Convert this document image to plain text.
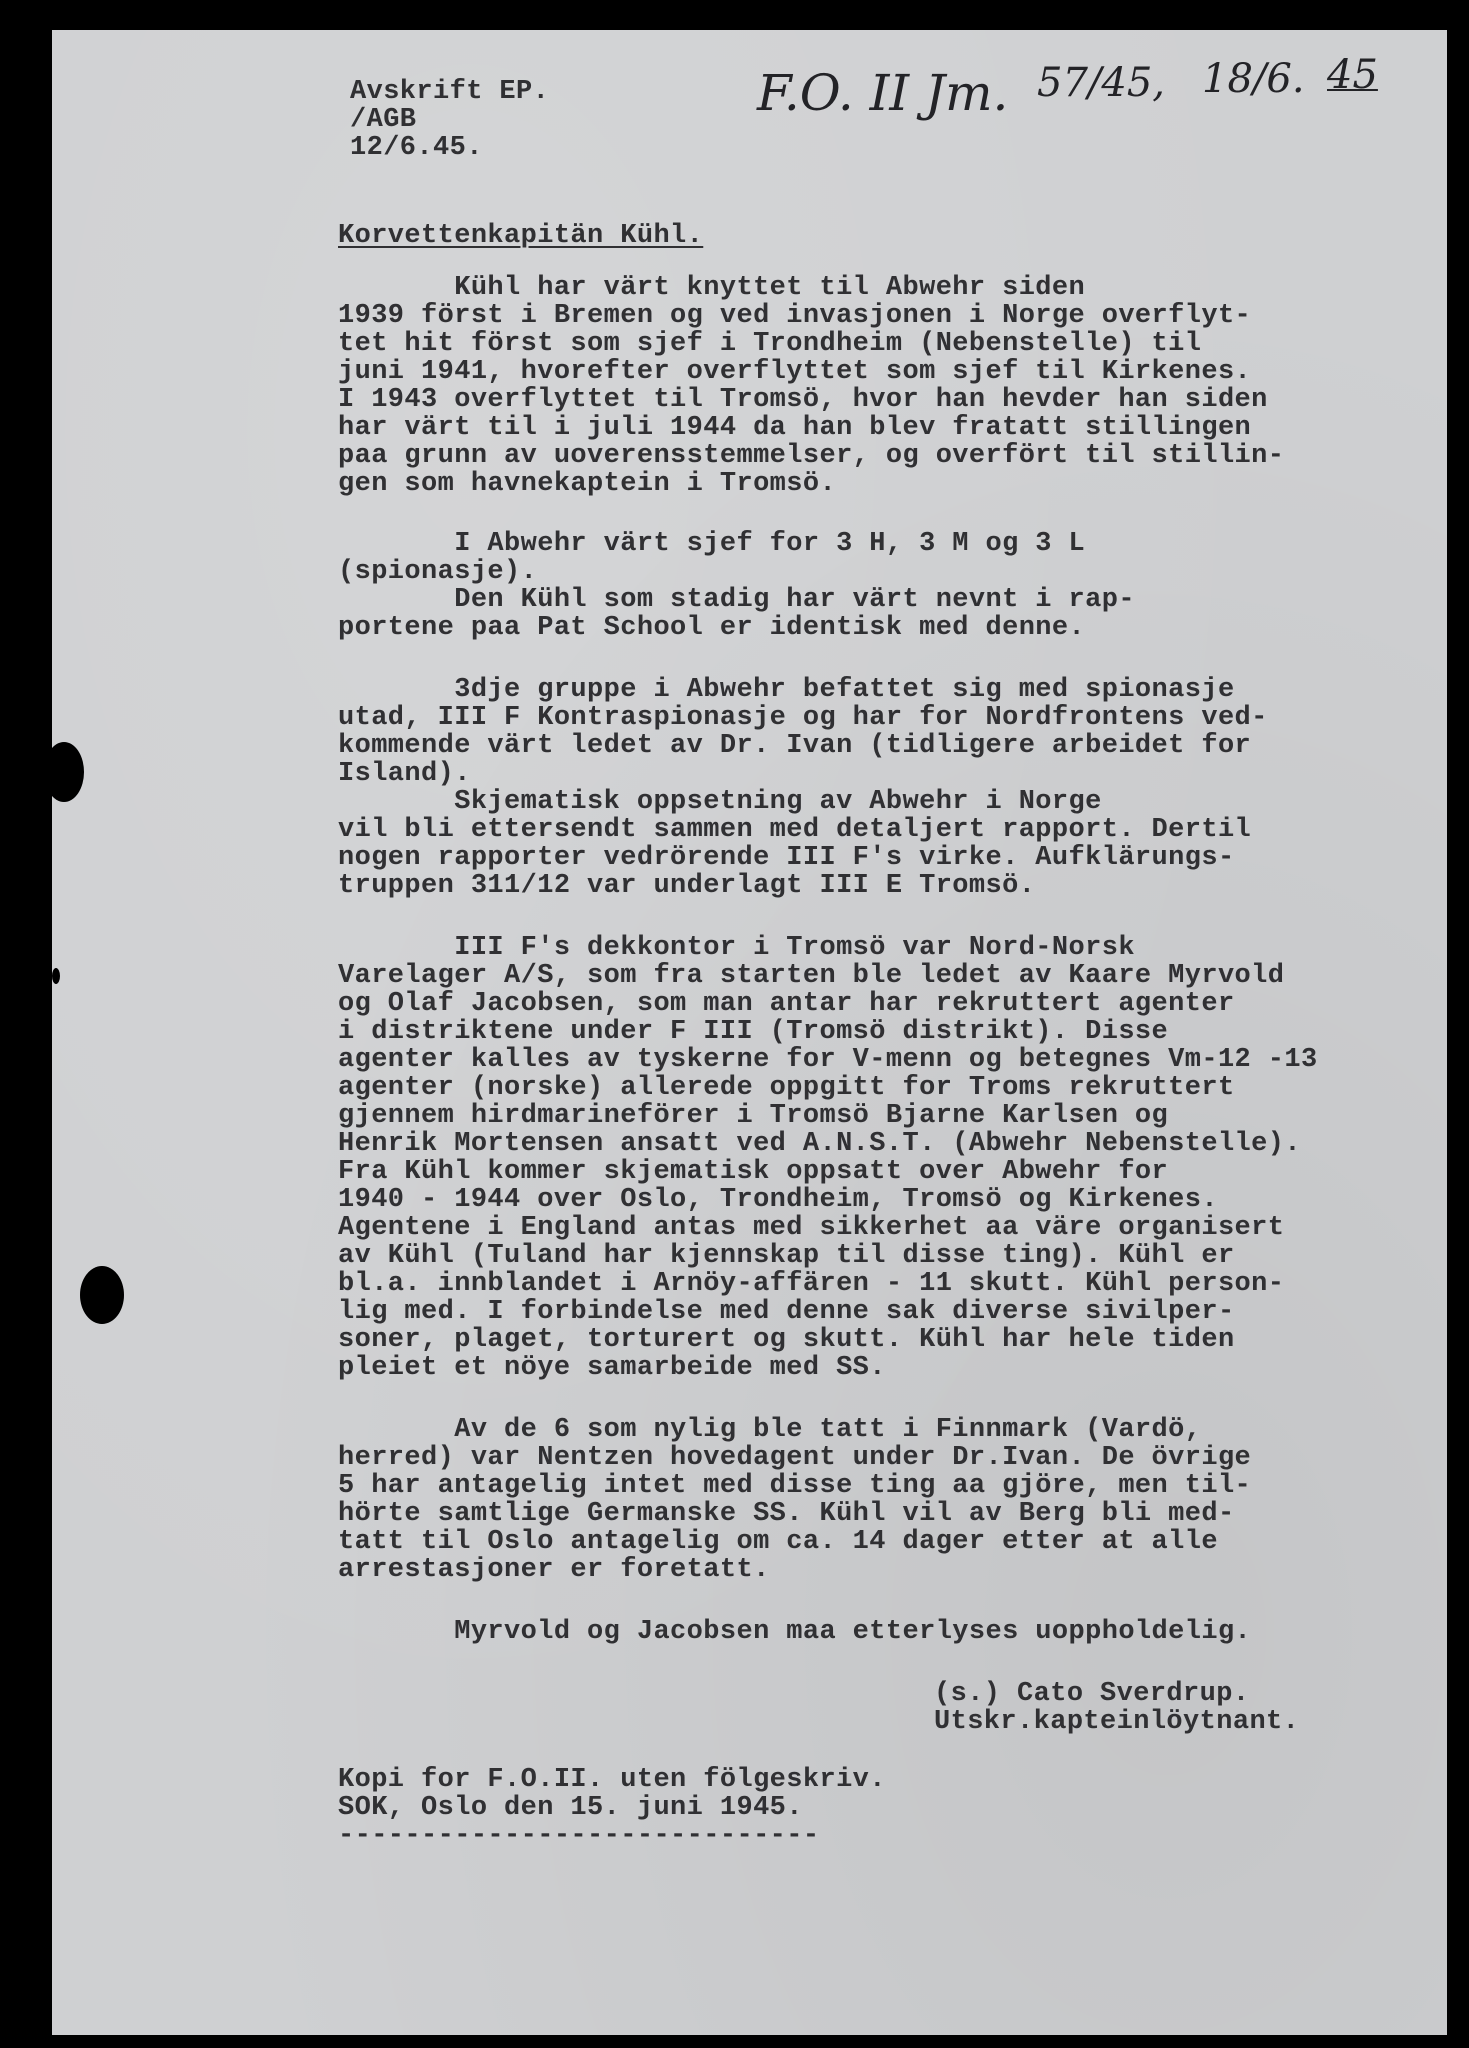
Avskrift EP.
/AGB
12/6.45.
F.O. II Jm. 57/45, 18/6. 45
Korvettenkapitän Kühl.
Kühl har värt knyttet til Abwehr siden
1939 först i Bremen og ved invasjonen i Norge overflyt-
tet hit först som sjef i Trondheim (Nebenstelle) til
juni 1941, hvorefter overflyttet som sjef til Kirkenes.
I 1943 overflyttet til Tromsö, hvor han hevder han siden
har värt til i juli 1944 da han blev fratatt stillingen
paa grunn av uoverensstemmelser, og overfört til stillin-
gen som havnekaptein i Tromsö.
I Abwehr värt sjef for 3 H, 3 M og 3 L
(spionasje).
Den Kühl som stadig har värt nevnt i rap-
portene paa Pat School er identisk med denne.
3dje gruppe i Abwehr befattet sig med spionasje
utad, III F Kontraspionasje og har for Nordfrontens ved-
kommende värt ledet av Dr. Ivan (tidligere arbeidet for
Island).
Skjematisk oppsetning av Abwehr i Norge
vil bli ettersendt sammen med detaljert rapport. Dertil
nogen rapporter vedrörende III F's virke. Aufklärungs-
truppen 311/12 var underlagt III E Tromsö.
III F's dekkontor i Tromsö var Nord-Norsk
Varelager A/S, som fra starten ble ledet av Kaare Myrvold
og Olaf Jacobsen, som man antar har rekruttert agenter
i distriktene under F III (Tromsö distrikt). Disse
agenter kalles av tyskerne for V-menn og betegnes Vm-12 -13
agenter (norske) allerede oppgitt for Troms rekruttert
gjennem hirdmarineförer i Tromsö Bjarne Karlsen og
Henrik Mortensen ansatt ved A.N.S.T. (Abwehr Nebenstelle).
Fra Kühl kommer skjematisk oppsatt over Abwehr for
1940 - 1944 over Oslo, Trondheim, Tromsö og Kirkenes.
Agentene i England antas med sikkerhet aa väre organisert
av Kühl (Tuland har kjennskap til disse ting). Kühl er
bl.a. innblandet i Arnöy-affären - 11 skutt. Kühl person-
lig med. I forbindelse med denne sak diverse sivilper-
soner, plaget, torturert og skutt. Kühl har hele tiden
pleiet et nöye samarbeide med SS.
Av de 6 som nylig ble tatt i Finnmark (Vardö,
herred) var Nentzen hovedagent under Dr.Ivan. De övrige
5 har antagelig intet med disse ting aa gjöre, men til-
hörte samtlige Germanske SS. Kühl vil av Berg bli med-
tatt til Oslo antagelig om ca. 14 dager etter at alle
arrestasjoner er foretatt.
Myrvold og Jacobsen maa etterlyses uoppholdelig.
(s.) Cato Sverdrup.
Utskr.kapteinlöytnant.
Kopi for F.O.II. uten fölgeskriv.
SOK, Oslo den 15. juni 1945.
-----------------------------
